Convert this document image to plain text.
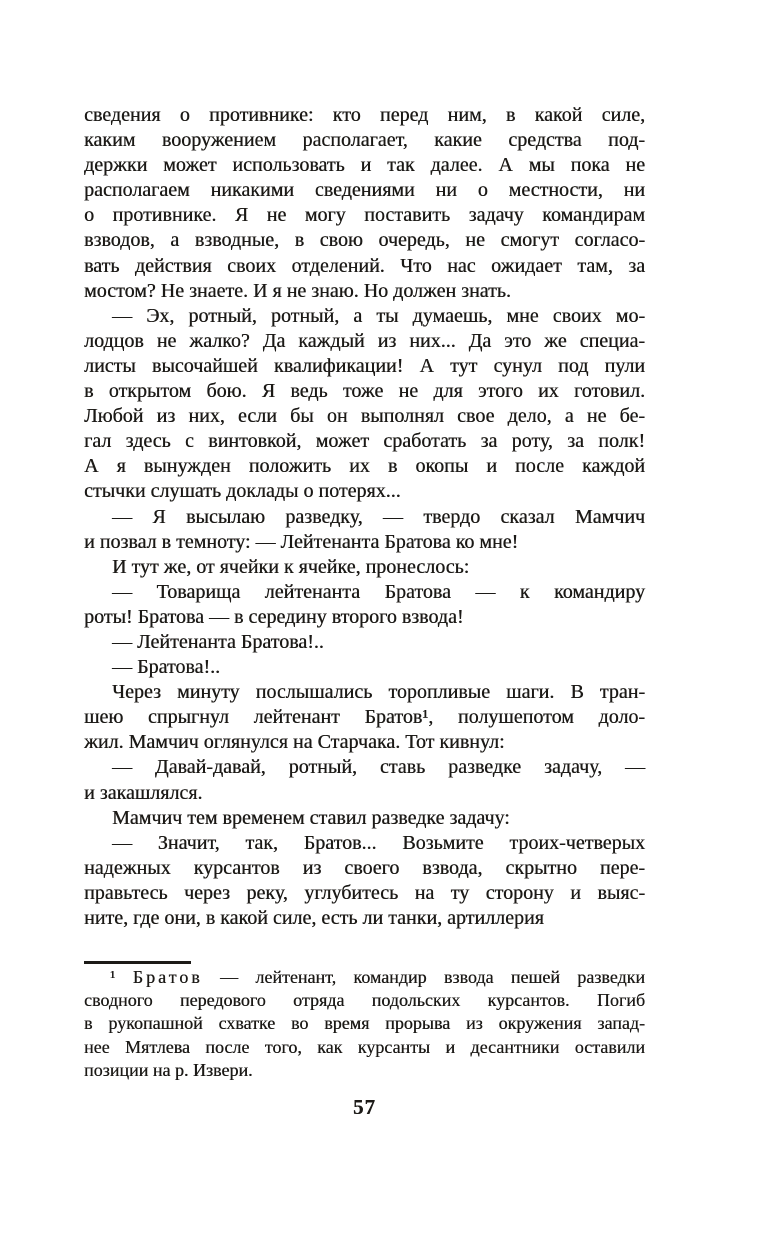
сведения о противнике: кто перед ним, в какой силе,
каким вооружением располагает, какие средства под-
держки может использовать и так далее. А мы пока не
располагаем никакими сведениями ни о местности, ни
о противнике. Я не могу поставить задачу командирам
взводов, а взводные, в свою очередь, не смогут согласо-
вать действия своих отделений. Что нас ожидает там, за
мостом? Не знаете. И я не знаю. Но должен знать.
— Эх, ротный, ротный, а ты думаешь, мне своих мо-
лодцов не жалко? Да каждый из них... Да это же специа-
листы высочайшей квалификации! А тут сунул под пули
в открытом бою. Я ведь тоже не для этого их готовил.
Любой из них, если бы он выполнял свое дело, а не бе-
гал здесь с винтовкой, может сработать за роту, за полк!
А я вынужден положить их в окопы и после каждой
стычки слушать доклады о потерях...
— Я высылаю разведку, — твердо сказал Мамчич
и позвал в темноту: — Лейтенанта Братова ко мне!
И тут же, от ячейки к ячейке, пронеслось:
— Товарища лейтенанта Братова — к командиру
роты! Братова — в середину второго взвода!
— Лейтенанта Братова!..
— Братова!..
Через минуту послышались торопливые шаги. В тран-
шею спрыгнул лейтенант Братов¹, полушепотом доло-
жил. Мамчич оглянулся на Старчака. Тот кивнул:
— Давай-давай, ротный, ставь разведке задачу, —
и закашлялся.
Мамчич тем временем ставил разведке задачу:
— Значит, так, Братов... Возьмите троих-четверых
надежных курсантов из своего взвода, скрытно пере-
правьтесь через реку, углубитесь на ту сторону и выяс-
ните, где они, в какой силе, есть ли танки, артиллерия
¹ Братов — лейтенант, командир взвода пешей разведки
сводного передового отряда подольских курсантов. Погиб
в рукопашной схватке во время прорыва из окружения запад-
нее Мятлева после того, как курсанты и десантники оставили
позиции на р. Извери.
57
